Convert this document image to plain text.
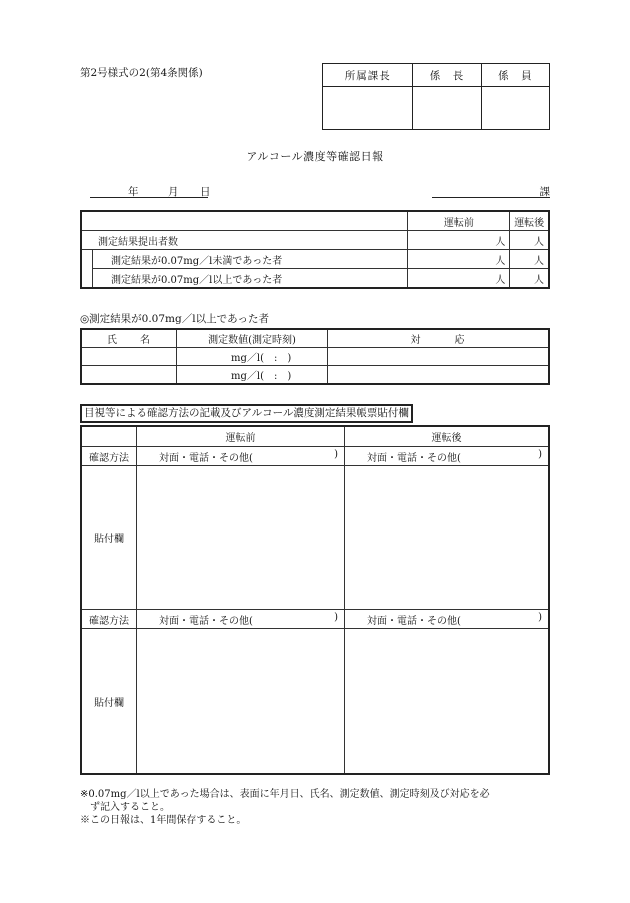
第2号様式の2(第4条関係)	所属課長	係　長	係　員

アルコール濃度等確認日報
年	月 日	課
		運転前	運転後
測定結果提出者数		人	人
	測定結果が0.07mg／l未満であった者	人	人
	測定結果が0.07mg／l以上であった者	人	人
◎測定結果が0.07mg／l以上であった者
氏　　名	測定数値(測定時刻)	対　　　応
	mg／l(　:　)	
	mg／l(　:　)	
目視等による確認方法の記載及びアルコール濃度測定結果帳票貼付欄
	運転前	運転後
確認方法	対面・電話・その他( )	対面・電話・その他( )

貼付欄		
確認方法	対面・電話・その他( )	対面・電話・その他( )

貼付欄		
※0.07mg／l以上であった場合は、表面に年月日、氏名、測定数値、測定時刻及び対応を必
　ず記入すること。
※この日報は、1年間保存すること。
